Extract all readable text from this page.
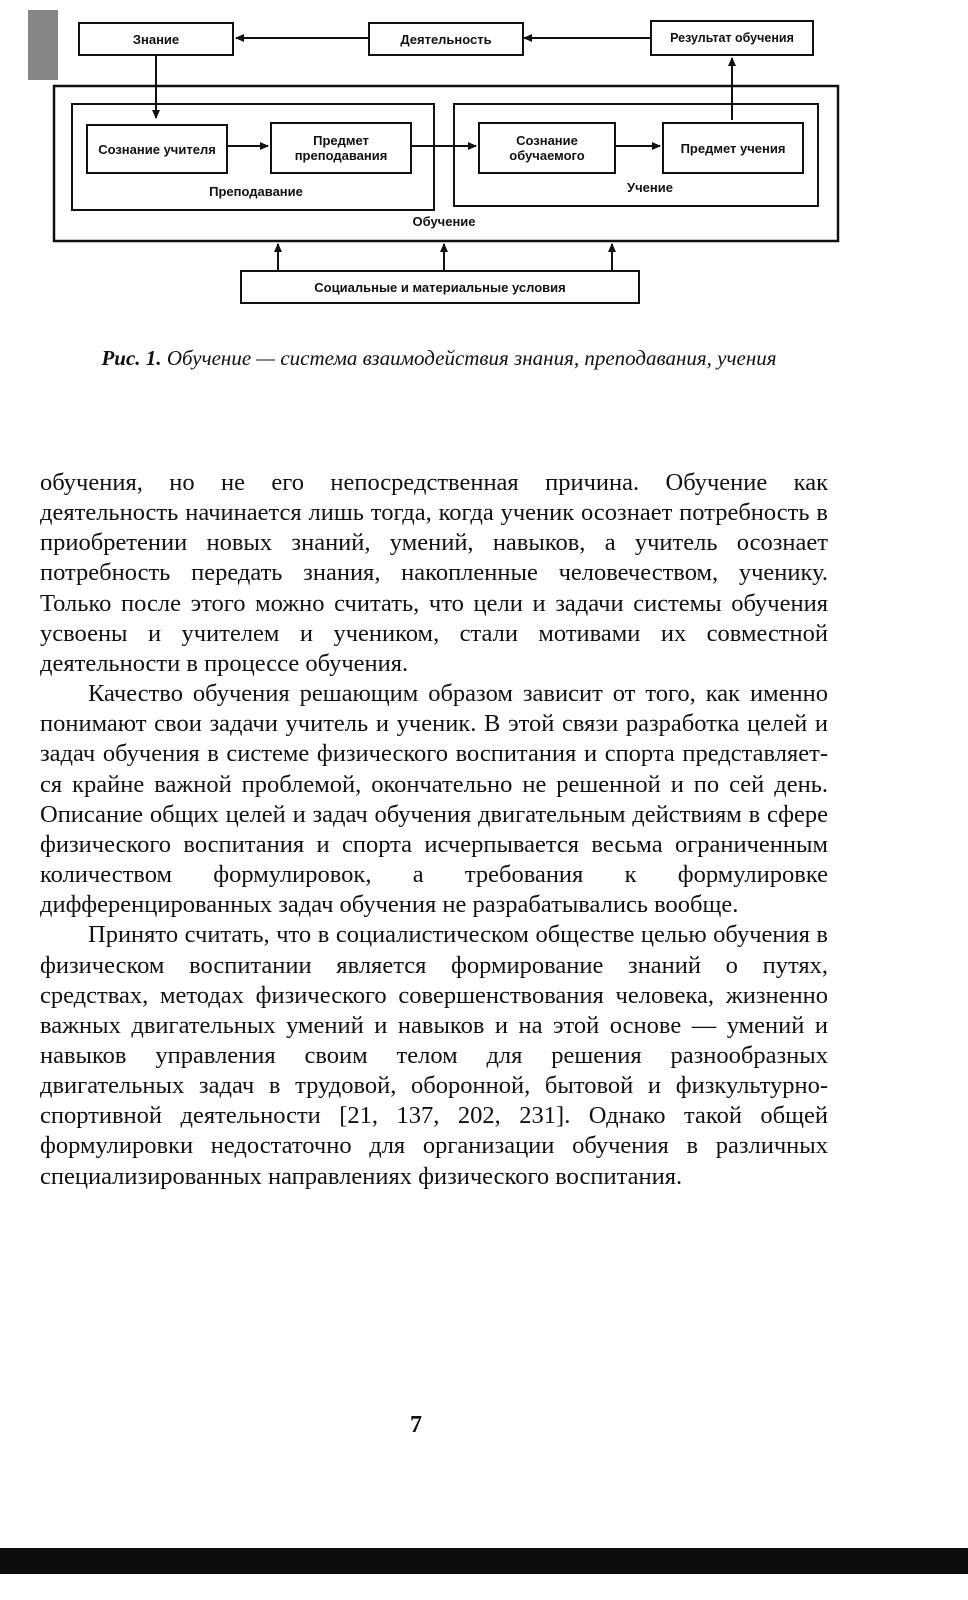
Знание	Деятельность	Результат обучения
Сознание учителя
Предмет преподавания
Сознание обучаемого	Предмет учения
Преподавание	Учение
Обучение
Социальные и материальные условия
Рис. 1. Обучение — система взаимодействия знания, преподавания, учения

обучения, но не его непосредственная причина. Обучение как деятельность начинается лишь тогда, когда ученик осознает потребность в приобретении новых знаний, умений, навыков, а учитель осознает потребность передать знания, накопленные человечеством, ученику. Только после этого можно считать, что цели и задачи системы обучения усвоены и учителем и учеником, стали мотивами их совместной деятельности в процессе обучения.

Качество обучения решающим образом зависит от того, как именно понимают свои задачи учитель и ученик. В этой связи разработка целей и задач обучения в системе физического воспитания и спорта представляется крайне важной проблемой, окончательно не решенной и по сей день. Описание общих целей и задач обучения двигательным действиям в сфере физического воспитания и спорта исчерпывается весьма ограниченным количеством формулировок, а требования к формулировке дифференцированных задач обучения не разрабатывались вообще.

Принято считать, что в социалистическом обществе целью обучения в физическом воспитании является формирование знаний о путях, средствах, методах физического совершенствования человека, жизненно важных двигательных умений и навыков и на этой основе — умений и навыков управления своим телом для решения разнообразных двигательных задач в трудовой, оборонной, бытовой и физкультурно-спортивной деятельности [21, 137, 202, 231]. Однако такой общей формулировки недостаточно для организации обучения в различных специализированных направлениях физического воспитания.

7
